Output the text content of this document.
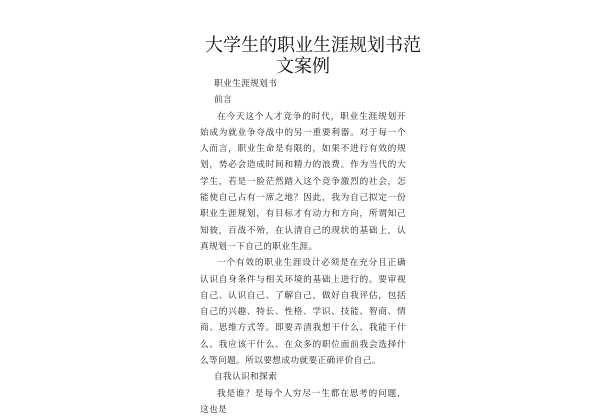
大学生的职业生涯规划书范
文案例
职业生涯规划书
前言

在今天这个人才竞争的时代，职业生涯规划开始成为就业争夺战中的另一重要利器。对于每一个人而言，职业生命是有限的，如果不进行有效的规划，势必会造成时间和精力的浪费。作为当代的大学生，若是一脸茫然踏入这个竞争激烈的社会，怎能使自己占有一席之地？因此，我为自己拟定一份职业生涯规划，有目标才有动力和方向，所谓知己知彼，百战不殆，在认清自己的现状的基础上，认真规划一下自己的职业生涯。

一个有效的职业生涯设计必须是在充分且正确认识自身条件与相关环境的基础上进行的。要审视自己、认识自己、了解自己，做好自我评估，包括自己的兴趣、特长、性格、学识、技能、智商、情商、思维方式等。即要弄清我想干什么、我能干什么、我应该干什么、在众多的职位面前我会选择什么等问题。所以要想成功就要正确评价自己。

自我认识和探索

我是谁？是每个人穷尽一生都在思考的问题，这也是
